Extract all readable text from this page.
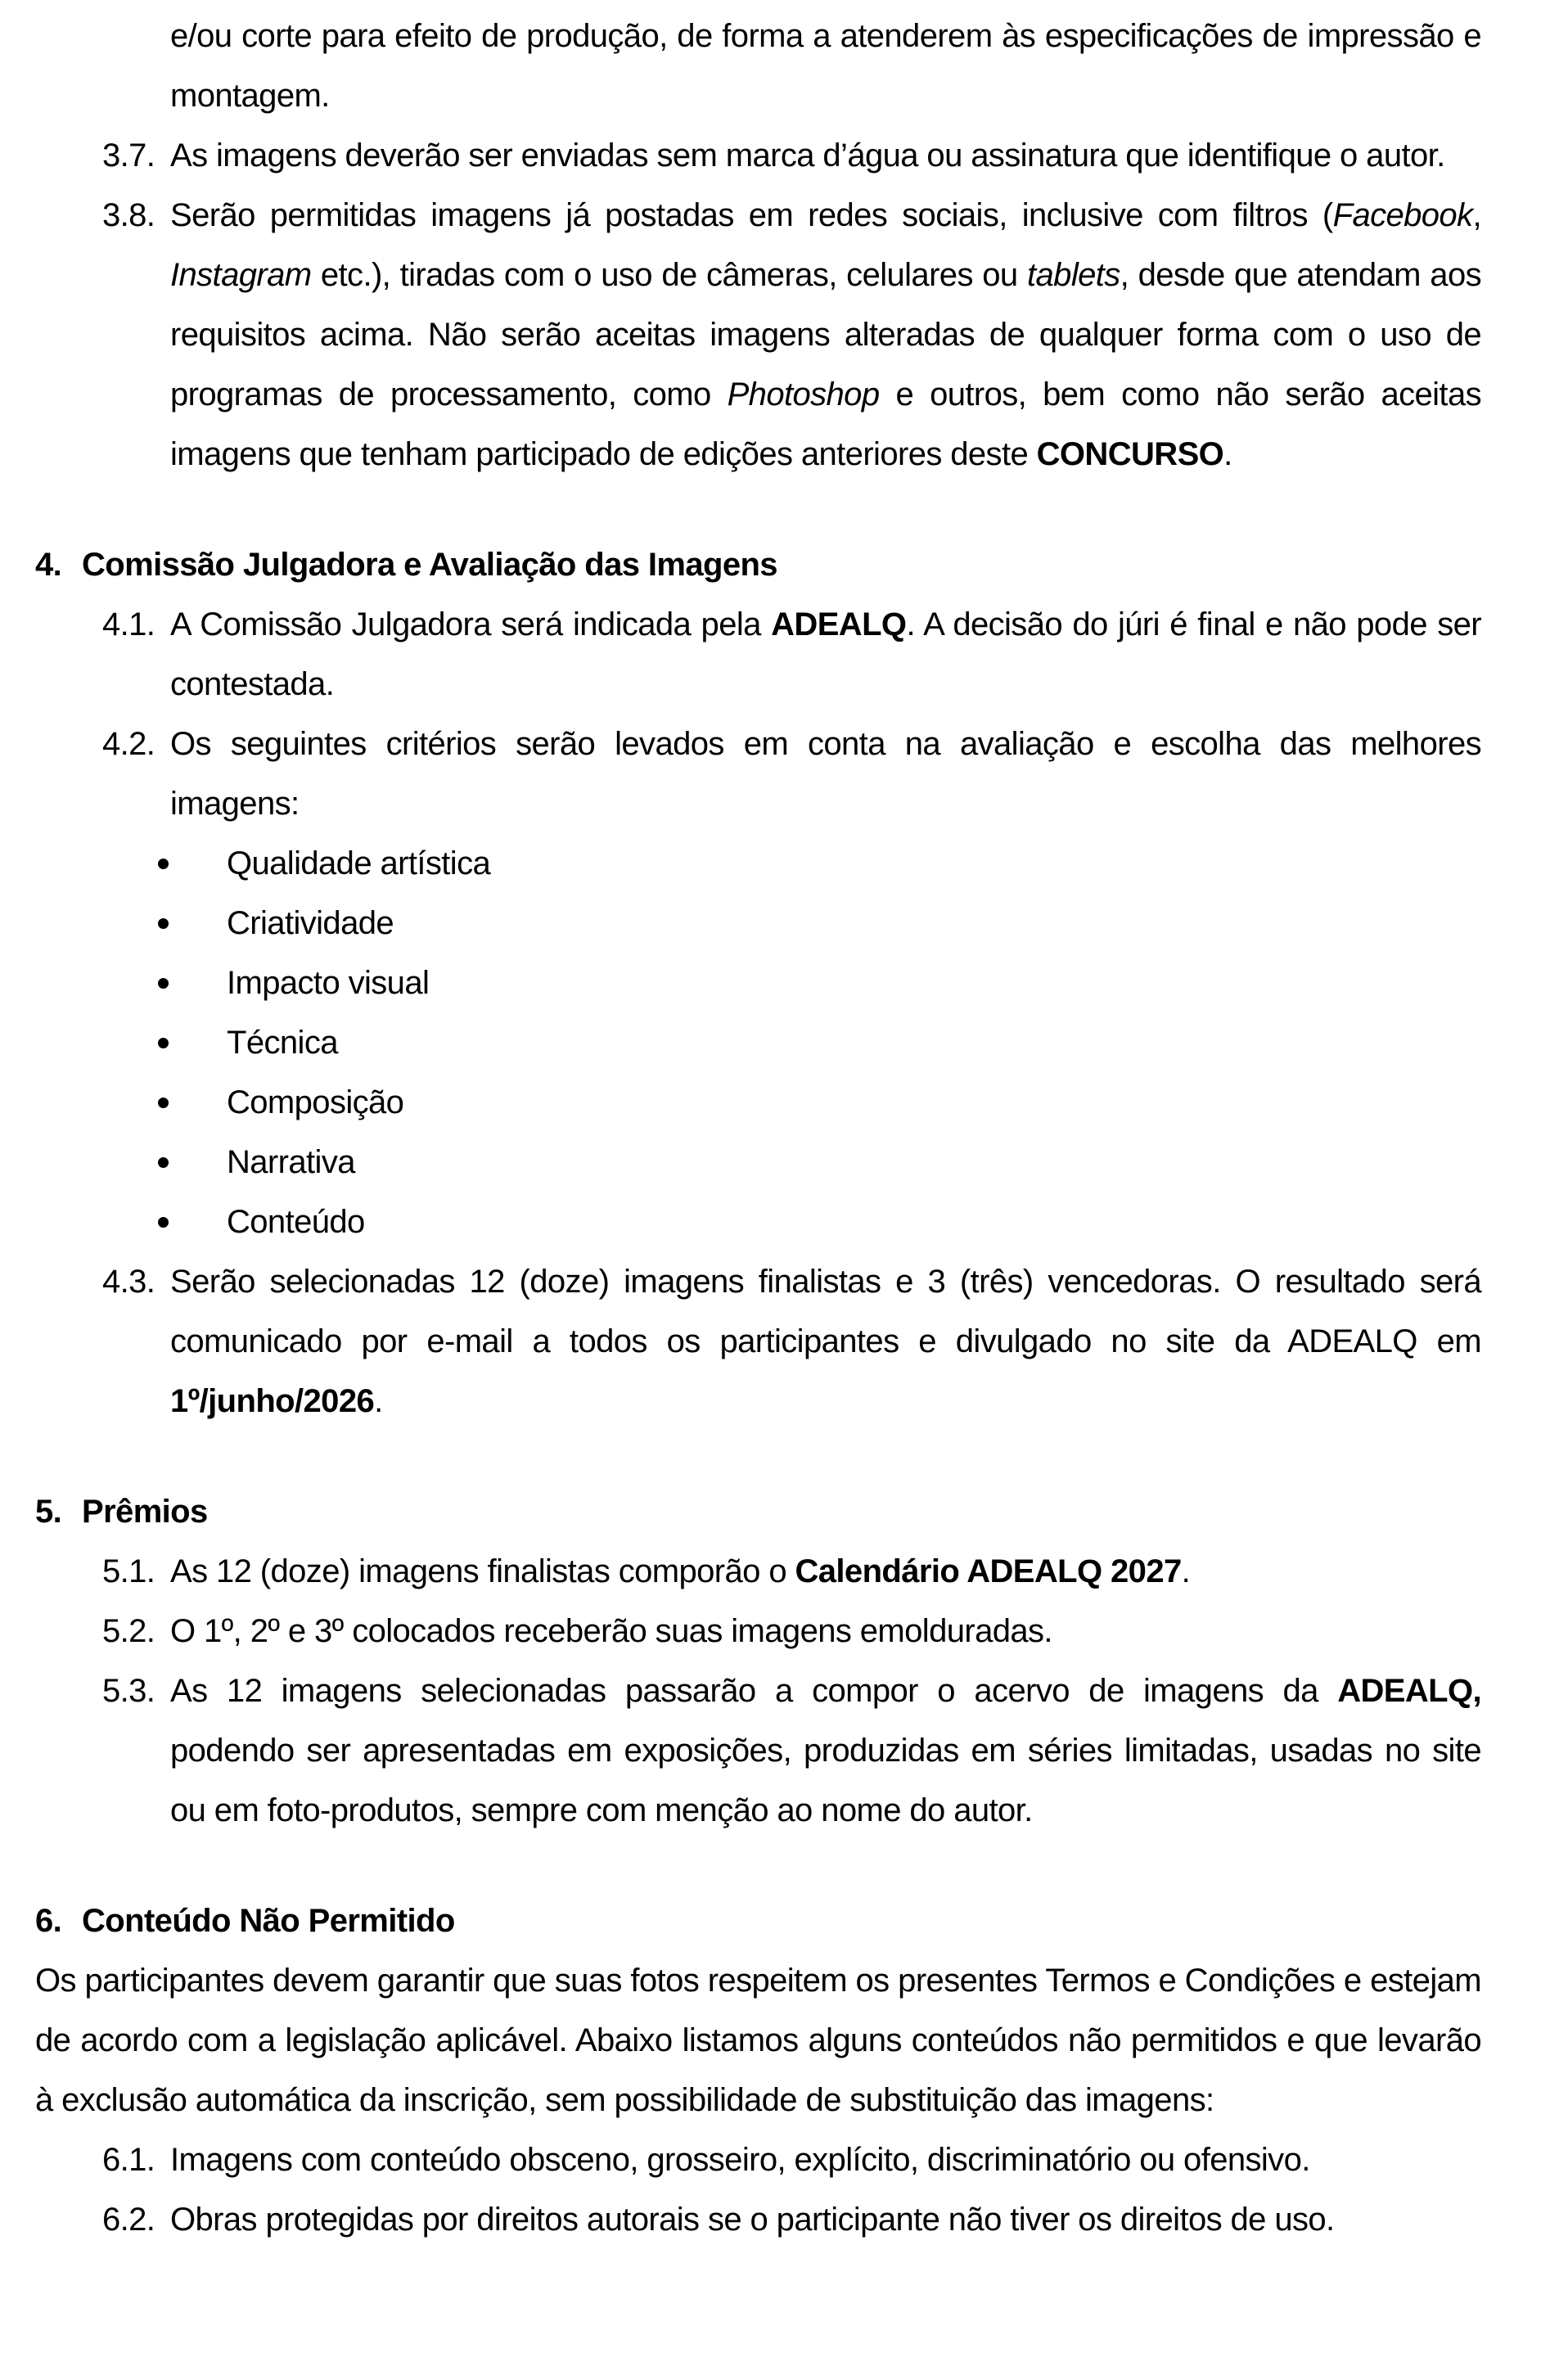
e/ou corte para efeito de produção, de forma a atenderem às especificações de impressão e montagem.
3.7. As imagens deverão ser enviadas sem marca d’água ou assinatura que identifique o autor.
3.8. Serão permitidas imagens já postadas em redes sociais, inclusive com filtros (Facebook, Instagram etc.), tiradas com o uso de câmeras, celulares ou tablets, desde que atendam aos requisitos acima. Não serão aceitas imagens alteradas de qualquer forma com o uso de programas de processamento, como Photoshop e outros, bem como não serão aceitas imagens que tenham participado de edições anteriores deste CONCURSO.
4. Comissão Julgadora e Avaliação das Imagens
4.1. A Comissão Julgadora será indicada pela ADEALQ. A decisão do júri é final e não pode ser contestada.
4.2. Os seguintes critérios serão levados em conta na avaliação e escolha das melhores imagens:
Qualidade artística
Criatividade
Impacto visual
Técnica
Composição
Narrativa
Conteúdo
4.3. Serão selecionadas 12 (doze) imagens finalistas e 3 (três) vencedoras. O resultado será comunicado por e-mail a todos os participantes e divulgado no site da ADEALQ em 1º/junho/2026.
5. Prêmios
5.1. As 12 (doze) imagens finalistas comporão o Calendário ADEALQ 2027.
5.2. O 1º, 2º e 3º colocados receberão suas imagens emolduradas.
5.3. As 12 imagens selecionadas passarão a compor o acervo de imagens da ADEALQ, podendo ser apresentadas em exposições, produzidas em séries limitadas, usadas no site ou em foto-produtos, sempre com menção ao nome do autor.
6. Conteúdo Não Permitido
Os participantes devem garantir que suas fotos respeitem os presentes Termos e Condições e estejam de acordo com a legislação aplicável. Abaixo listamos alguns conteúdos não permitidos e que levarão à exclusão automática da inscrição, sem possibilidade de substituição das imagens:
6.1. Imagens com conteúdo obsceno, grosseiro, explícito, discriminatório ou ofensivo.
6.2. Obras protegidas por direitos autorais se o participante não tiver os direitos de uso.
